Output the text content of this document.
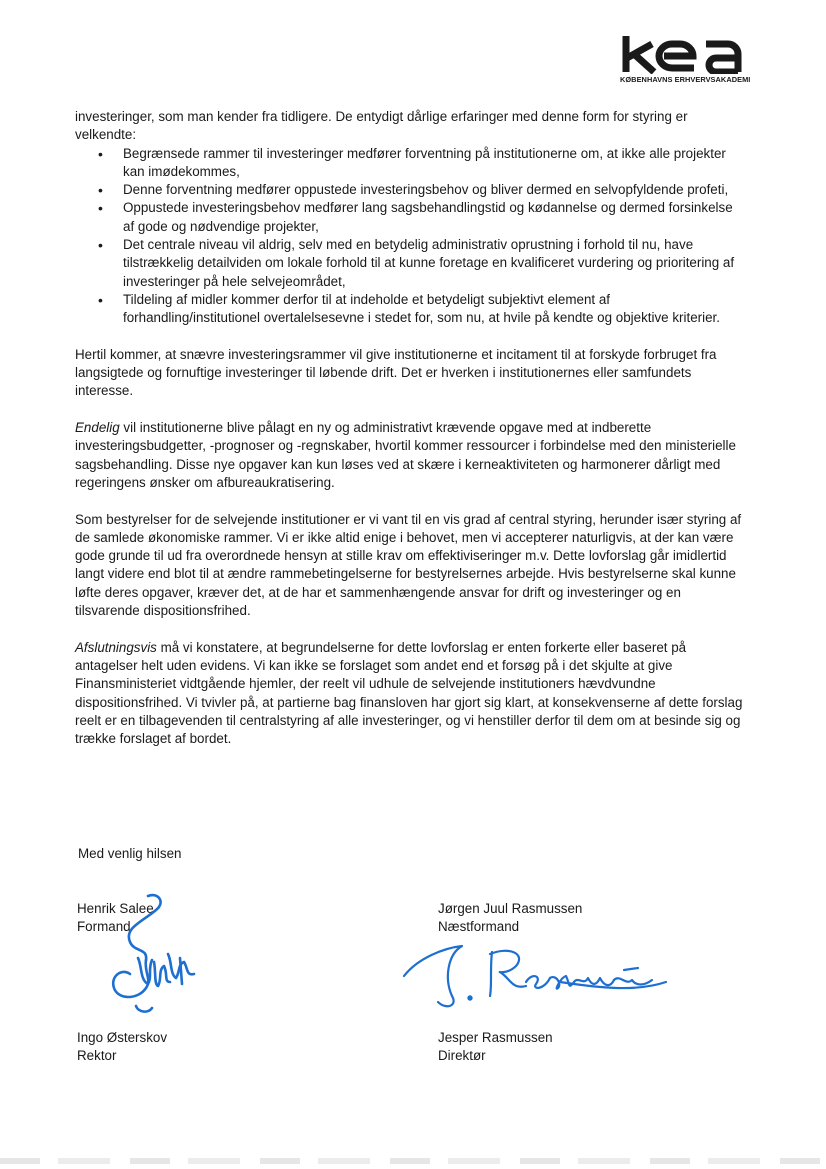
KØBENHAVNS ERHVERVSAKADEMI

investeringer, som man kender fra tidligere. De entydigt dårlige erfaringer med denne form for styring er velkendte:

• Begrænsede rammer til investeringer medfører forventning på institutionerne om, at ikke alle projekter kan imødekommes,
• Denne forventning medfører oppustede investeringsbehov og bliver dermed en selvopfyldende profeti,
• Oppustede investeringsbehov medfører lang sagsbehandlingstid og kødannelse og dermed forsinkelse af gode og nødvendige projekter,
• Det centrale niveau vil aldrig, selv med en betydelig administrativ oprustning i forhold til nu, have tilstrækkelig detailviden om lokale forhold til at kunne foretage en kvalificeret vurdering og prioritering af investeringer på hele selvejeområdet,
• Tildeling af midler kommer derfor til at indeholde et betydeligt subjektivt element af forhandling/institutionel overtalelsesevne i stedet for, som nu, at hvile på kendte og objektive kriterier.

Hertil kommer, at snævre investeringsrammer vil give institutionerne et incitament til at forskyde forbruget fra langsigtede og fornuftige investeringer til løbende drift. Det er hverken i institutionernes eller samfundets interesse.

Endelig vil institutionerne blive pålagt en ny og administrativt krævende opgave med at indberette investeringsbudgetter, -prognoser og -regnskaber, hvortil kommer ressourcer i forbindelse med den ministerielle sagsbehandling. Disse nye opgaver kan kun løses ved at skære i kerneaktiviteten og harmonerer dårligt med regeringens ønsker om afbureaukratisering.

Som bestyrelser for de selvejende institutioner er vi vant til en vis grad af central styring, herunder især styring af de samlede økonomiske rammer. Vi er ikke altid enige i behovet, men vi accepterer naturligvis, at der kan være gode grunde til ud fra overordnede hensyn at stille krav om effektiviseringer m.v. Dette lovforslag går imidlertid langt videre end blot til at ændre rammebetingelserne for bestyrelsernes arbejde. Hvis bestyrelserne skal kunne løfte deres opgaver, kræver det, at de har et sammenhængende ansvar for drift og investeringer og en tilsvarende dispositionsfrihed.

Afslutningsvis må vi konstatere, at begrundelserne for dette lovforslag er enten forkerte eller baseret på antagelser helt uden evidens. Vi kan ikke se forslaget som andet end et forsøg på i det skjulte at give Finansministeriet vidtgående hjemler, der reelt vil udhule de selvejende institutioners hævdvundne dispositionsfrihed. Vi tvivler på, at partierne bag finansloven har gjort sig klart, at konsekvenserne af dette forslag reelt er en tilbagevenden til centralstyring af alle investeringer, og vi henstiller derfor til dem om at besinde sig og trække forslaget af bordet.

Med venlig hilsen
Henrik Salee
Formand
Jørgen Juul Rasmussen
Næstformand
Ingo Østerskov
Rektor
Jesper Rasmussen
Direktør
